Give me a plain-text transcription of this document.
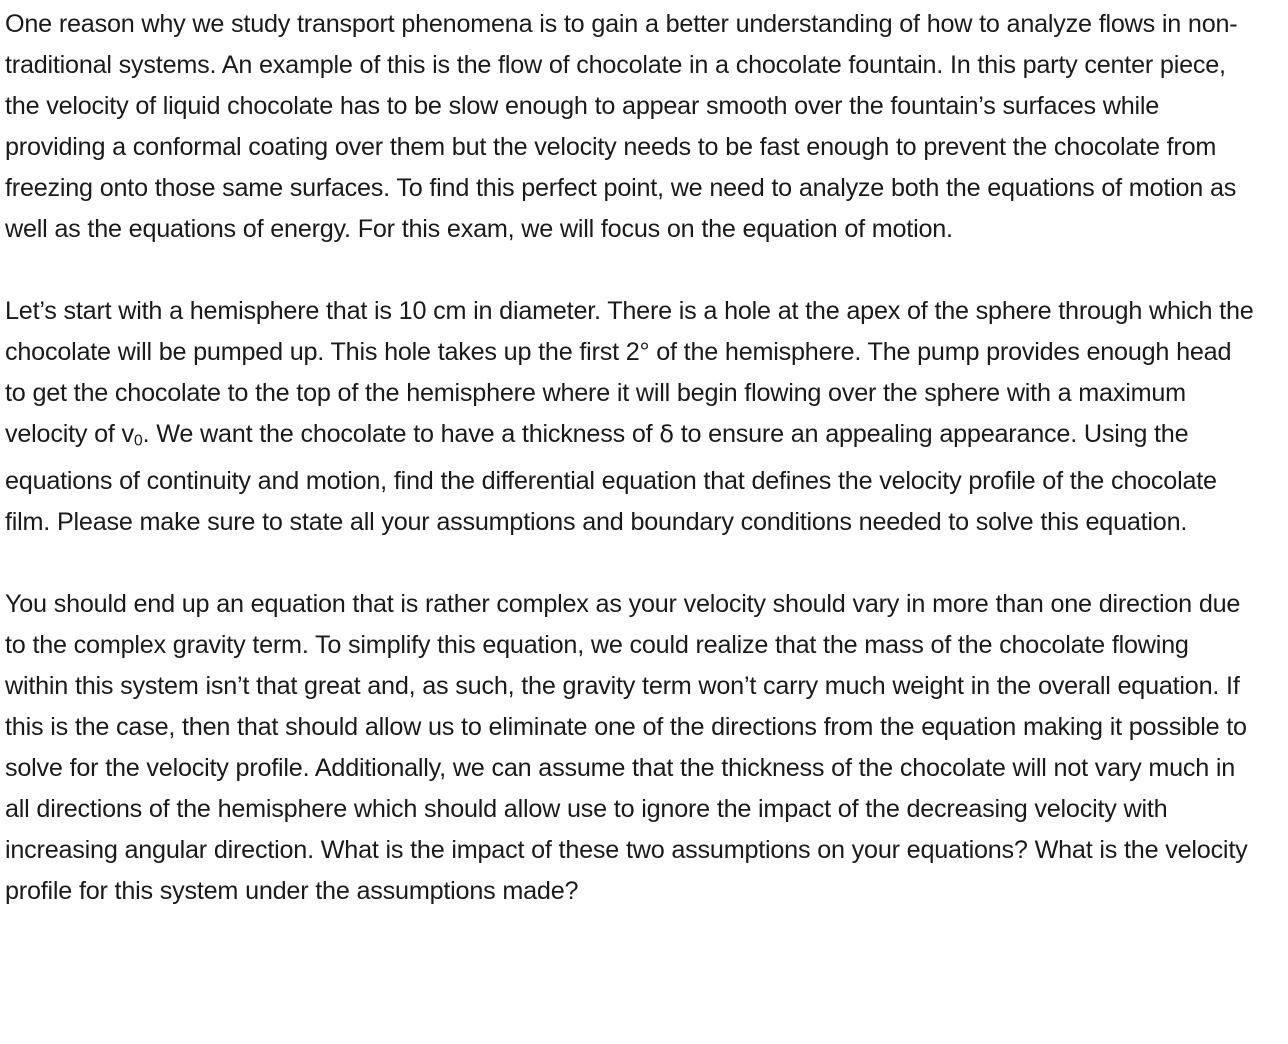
One reason why we study transport phenomena is to gain a better understanding of how to analyze flows in non-traditional systems. An example of this is the flow of chocolate in a chocolate fountain. In this party center piece, the velocity of liquid chocolate has to be slow enough to appear smooth over the fountain’s surfaces while providing a conformal coating over them but the velocity needs to be fast enough to prevent the chocolate from freezing onto those same surfaces. To find this perfect point, we need to analyze both the equations of motion as well as the equations of energy. For this exam, we will focus on the equation of motion.

Let’s start with a hemisphere that is 10 cm in diameter. There is a hole at the apex of the sphere through which the chocolate will be pumped up. This hole takes up the first 2° of the hemisphere. The pump provides enough head to get the chocolate to the top of the hemisphere where it will begin flowing over the sphere with a maximum velocity of $v_0$. We want the chocolate to have a thickness of δ to ensure an appealing appearance. Using the equations of continuity and motion, find the differential equation that defines the velocity profile of the chocolate film. Please make sure to state all your assumptions and boundary conditions needed to solve this equation.

You should end up an equation that is rather complex as your velocity should vary in more than one direction due to the complex gravity term. To simplify this equation, we could realize that the mass of the chocolate flowing within this system isn’t that great and, as such, the gravity term won’t carry much weight in the overall equation. If this is the case, then that should allow us to eliminate one of the directions from the equation making it possible to solve for the velocity profile. Additionally, we can assume that the thickness of the chocolate will not vary much in all directions of the hemisphere which should allow use to ignore the impact of the decreasing velocity with increasing angular direction. What is the impact of these two assumptions on your equations? What is the velocity profile for this system under the assumptions made?
